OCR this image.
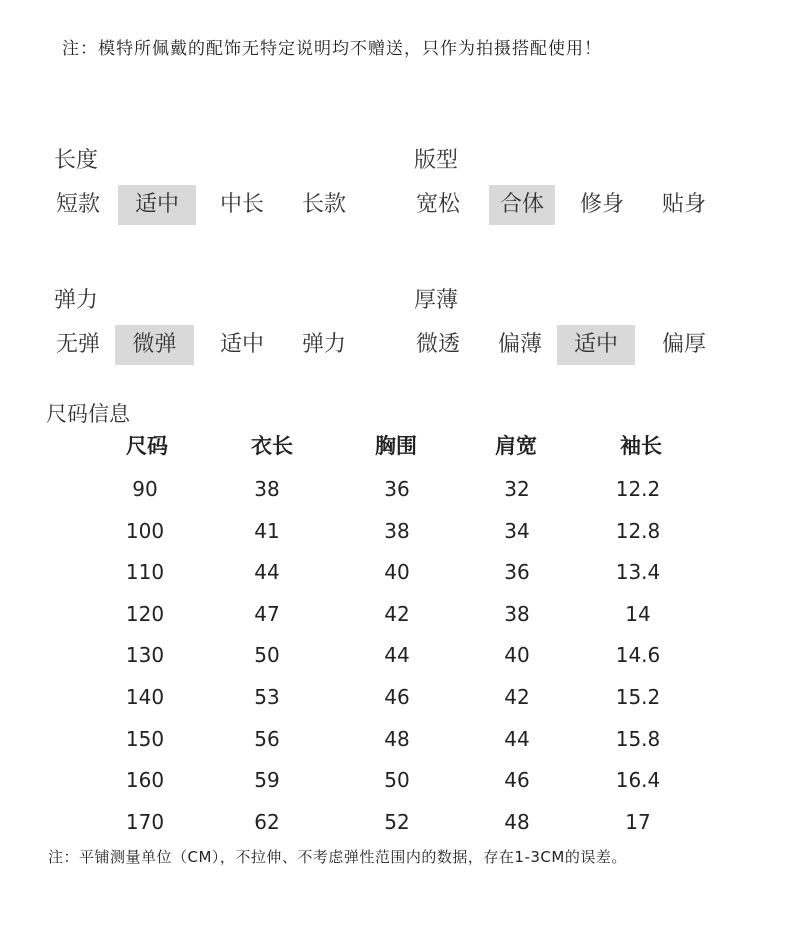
注：模特所佩戴的配饰无特定说明均不赠送，只作为拍摄搭配使用！
长度
短款	适中	中长	长款
版型
宽松	合体	修身	贴身
弹力
无弹	微弹	适中	弹力
厚薄
微透	偏薄	适中	偏厚
尺码信息
尺码	衣长	胸围	肩宽	袖长
90	38	36	32	12.2
100	41	38	34	12.8
110	44	40	36	13.4
120	47	42	38	14
130	50	44	40	14.6
140	53	46	42	15.2
150	56	48	44	15.8
160	59	50	46	16.4
170	62	52	48	17
注：平铺测量单位（CM），不拉伸、不考虑弹性范围内的数据，存在1-3CM的误差。
